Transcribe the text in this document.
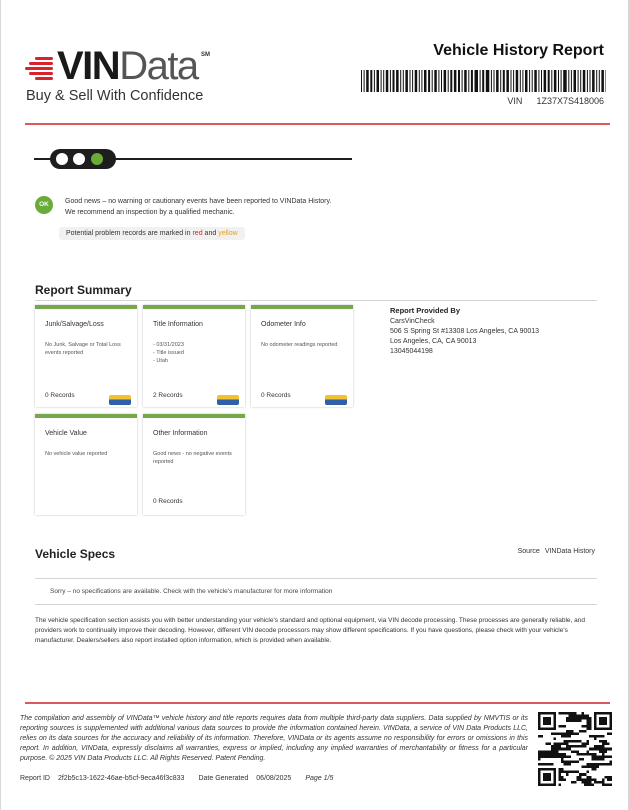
VINData SM
Buy & Sell With Confidence
Vehicle History Report
VIN 1Z37X7S418006
OK	Good news – no warning or cautionary events have been reported to VINData History.
We recommend an inspection by a qualified mechanic.
Potential problem records are marked in red and yellow
Report Summary
Junk/Salvage/Loss
No Junk, Salvage or Total Loss events reported
0 Records
Title Information
- 03/31/2023
- Title issued
- Utah
2 Records
Odometer Info
No odometer readings reported
0 Records
Vehicle Value
No vehicle value reported
Other Information
Good news - no negative events reported
0 Records
Report Provided By
CarsVinCheck
506 S Spring St #13308 Los Angeles, CA 90013
Los Angeles, CA, CA 90013
13045044198
Vehicle Specs	Source VINData History
Sorry – no specifications are available. Check with the vehicle's manufacturer for more information
The vehicle specification section assists you with better understanding your vehicle's standard and optional equipment, via VIN decode processing. These processes are generally reliable, and providers work to continually improve their decoding. However, different VIN decode processors may show different specifications. If you have questions, please check with your vehicle's manufacturer. Dealers/sellers also report installed option information, which is provided when available.
The compilation and assembly of VINData™ vehicle history and title reports requires data from multiple third-party data suppliers. Data supplied by NMVTIS or its reporting sources is supplemented with additional various data sources to provide the information contained herein. VINData, a service of VIN Data Products LLC, relies on its data sources for the accuracy and reliability of its information. Therefore, VINData or its agents assume no responsibility for errors or omissions in this report. In addition, VINData, expressly disclaims all warranties, express or implied, including any implied warranties of merchantability or fitness for a particular purpose. © 2025 VIN Data Products LLC. All Rights Reserved. Patent Pending.
Report ID 2f2b5c13-1622-46ae-b5cf-9eca46f3c833 Date Generated 06/08/2025 Page 1/5
